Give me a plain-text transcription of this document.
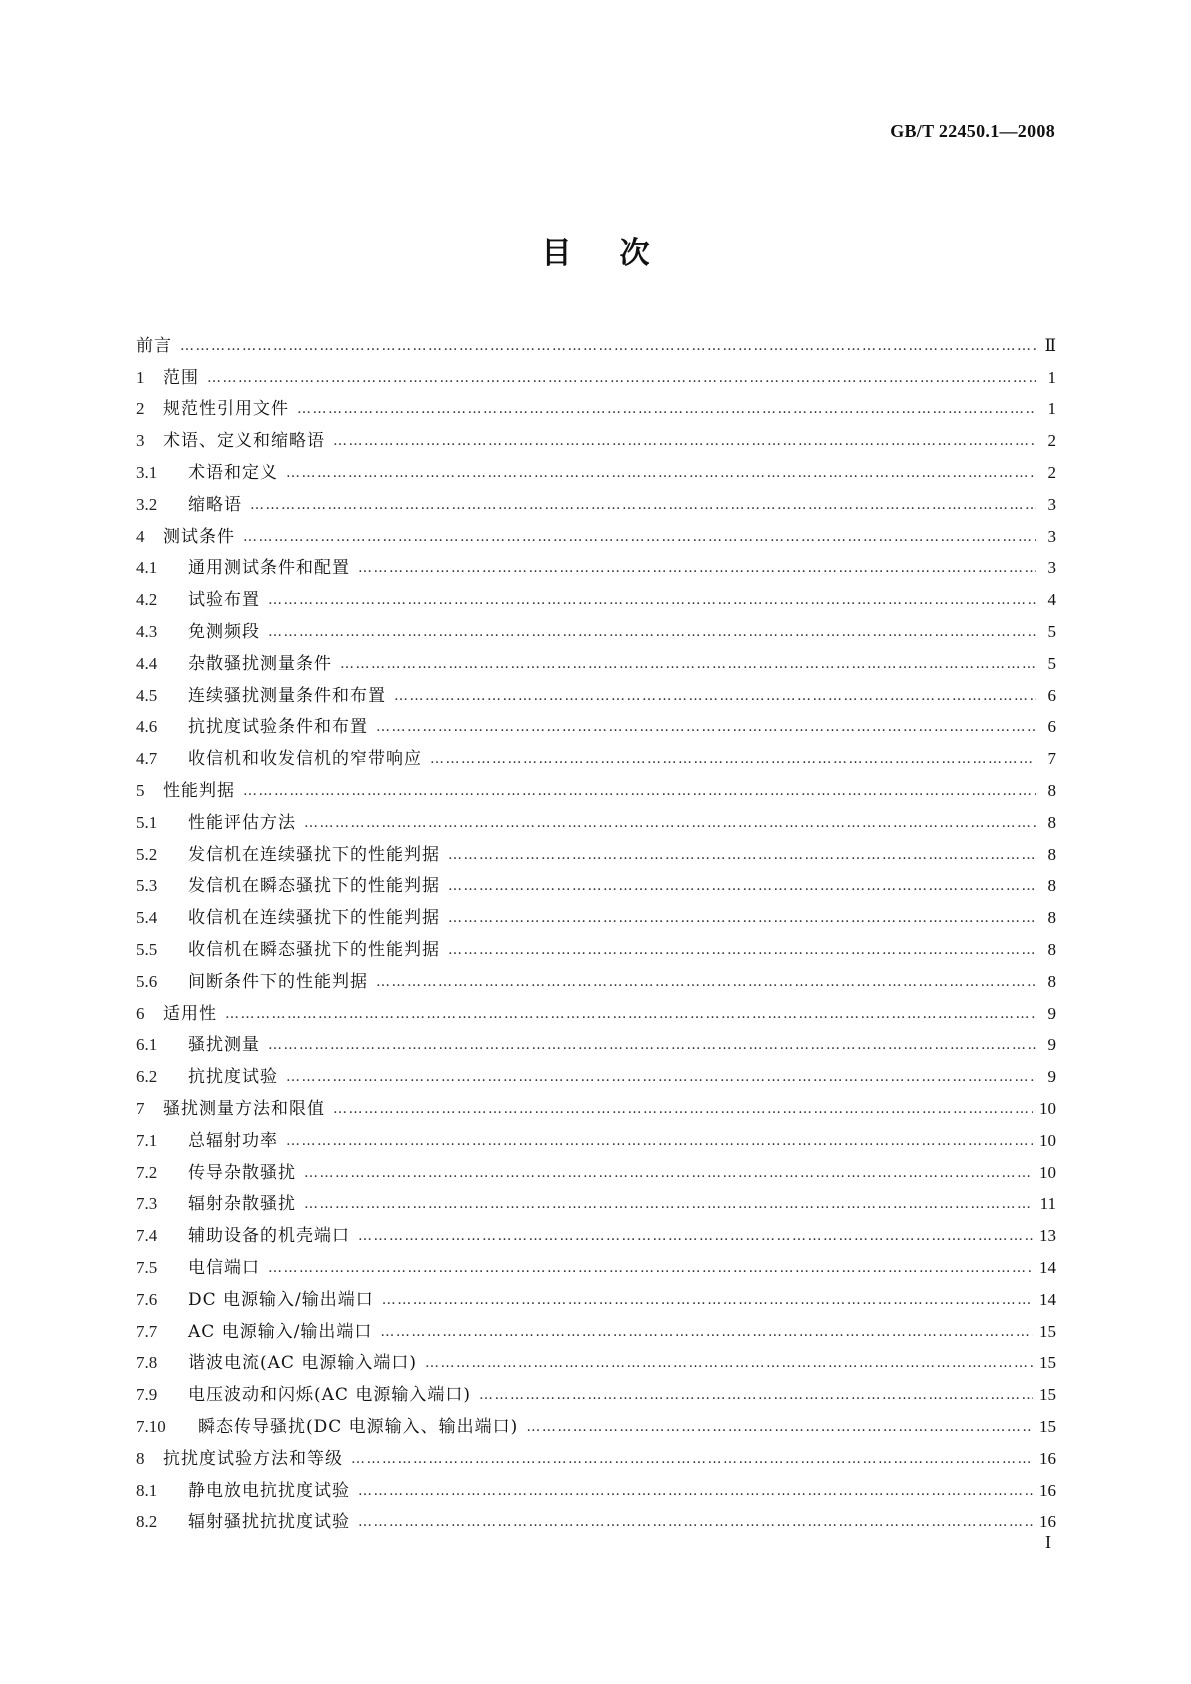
GB/T 22450.1—2008
目次
前言 ……………………………………………………………………………………………………………………………………………………………………………………………………	Ⅱ
1	范围 ……………………………………………………………………………………………………………………………………………………………………………………………………	1
2	规范性引用文件 ……………………………………………………………………………………………………………………………………………………………………………………………………	1
3	术语、定义和缩略语 ……………………………………………………………………………………………………………………………………………………………………………………………………	2
3.1	术语和定义 ……………………………………………………………………………………………………………………………………………………………………………………………………	2
3.2	缩略语 ……………………………………………………………………………………………………………………………………………………………………………………………………	3
4	测试条件 ……………………………………………………………………………………………………………………………………………………………………………………………………	3
4.1	通用测试条件和配置 ……………………………………………………………………………………………………………………………………………………………………………………………………	3
4.2	试验布置 ……………………………………………………………………………………………………………………………………………………………………………………………………	4
4.3	免测频段 ……………………………………………………………………………………………………………………………………………………………………………………………………	5
4.4	杂散骚扰测量条件 ……………………………………………………………………………………………………………………………………………………………………………………………………	5
4.5	连续骚扰测量条件和布置 ……………………………………………………………………………………………………………………………………………………………………………………………………	6
4.6	抗扰度试验条件和布置 ……………………………………………………………………………………………………………………………………………………………………………………………………	6
4.7	收信机和收发信机的窄带响应 ……………………………………………………………………………………………………………………………………………………………………………………………………	7
5	性能判据 ……………………………………………………………………………………………………………………………………………………………………………………………………	8
5.1	性能评估方法 ……………………………………………………………………………………………………………………………………………………………………………………………………	8
5.2	发信机在连续骚扰下的性能判据 ……………………………………………………………………………………………………………………………………………………………………………………………………	8
5.3	发信机在瞬态骚扰下的性能判据 ……………………………………………………………………………………………………………………………………………………………………………………………………	8
5.4	收信机在连续骚扰下的性能判据 ……………………………………………………………………………………………………………………………………………………………………………………………………	8
5.5	收信机在瞬态骚扰下的性能判据 ……………………………………………………………………………………………………………………………………………………………………………………………………	8
5.6	间断条件下的性能判据 ……………………………………………………………………………………………………………………………………………………………………………………………………	8
6	适用性 ……………………………………………………………………………………………………………………………………………………………………………………………………	9
6.1	骚扰测量 ……………………………………………………………………………………………………………………………………………………………………………………………………	9
6.2	抗扰度试验 ……………………………………………………………………………………………………………………………………………………………………………………………………	9
7	骚扰测量方法和限值 ……………………………………………………………………………………………………………………………………………………………………………………………………	10
7.1	总辐射功率 ……………………………………………………………………………………………………………………………………………………………………………………………………	10
7.2	传导杂散骚扰 ……………………………………………………………………………………………………………………………………………………………………………………………………	10
7.3	辐射杂散骚扰 ……………………………………………………………………………………………………………………………………………………………………………………………………	11
7.4	辅助设备的机壳端口 ……………………………………………………………………………………………………………………………………………………………………………………………………	13
7.5	电信端口 ……………………………………………………………………………………………………………………………………………………………………………………………………	14
7.6	DC 电源输入/输出端口 ……………………………………………………………………………………………………………………………………………………………………………………………………	14
7.7	AC 电源输入/输出端口 ……………………………………………………………………………………………………………………………………………………………………………………………………	15
7.8	谐波电流(AC 电源输入端口) ……………………………………………………………………………………………………………………………………………………………………………………………………	15
7.9	电压波动和闪烁(AC 电源输入端口) ……………………………………………………………………………………………………………………………………………………………………………………………………	15
7.10	瞬态传导骚扰(DC 电源输入、输出端口) ……………………………………………………………………………………………………………………………………………………………………………………………………	15
8	抗扰度试验方法和等级 ……………………………………………………………………………………………………………………………………………………………………………………………………	16
8.1	静电放电抗扰度试验 ……………………………………………………………………………………………………………………………………………………………………………………………………	16
8.2	辐射骚扰抗扰度试验 ……………………………………………………………………………………………………………………………………………………………………………………………………	16
I
